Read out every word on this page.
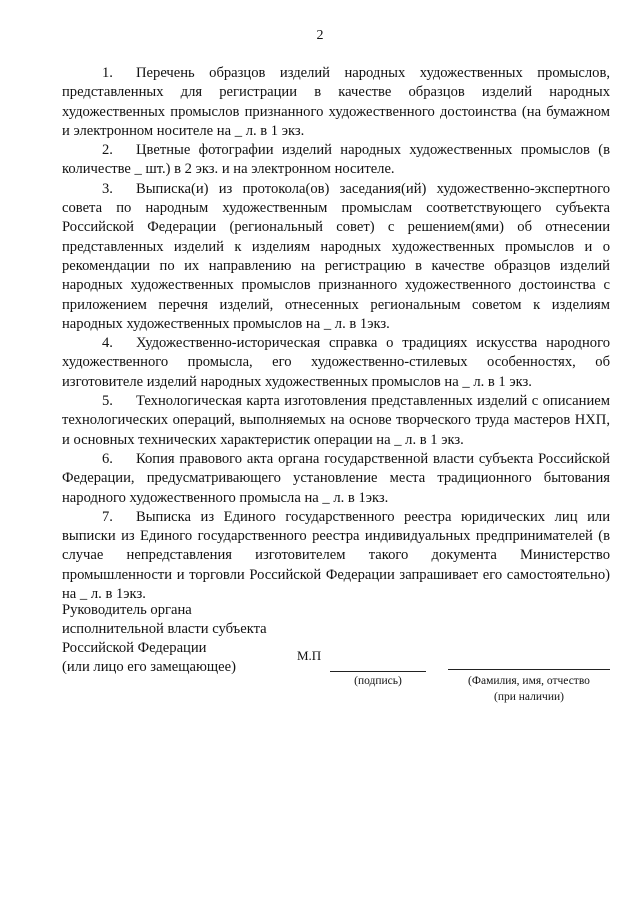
2

1. Перечень образцов изделий народных художественных промыслов, представленных для регистрации в качестве образцов изделий народных художественных промыслов признанного художественного достоинства (на бумажном и электронном носителе на _ л. в 1 экз.

2. Цветные фотографии изделий народных художественных промыслов (в количестве _ шт.) в 2 экз. и на электронном носителе.

3. Выписка(и) из протокола(ов) заседания(ий) художественно-экспертного совета по народным художественным промыслам соответствующего субъекта Российской Федерации (региональный совет) с решением(ями) об отнесении представленных изделий к изделиям народных художественных промыслов и о рекомендации по их направлению на регистрацию в качестве образцов изделий народных художественных промыслов признанного художественного достоинства с приложением перечня изделий, отнесенных региональным советом к изделиям народных художественных промыслов на _ л. в 1экз.

4. Художественно-историческая справка о традициях искусства народного художественного промысла, его художественно-стилевых особенностях, об изготовителе изделий народных художественных промыслов на _ л. в 1 экз.

5. Технологическая карта изготовления представленных изделий с описанием технологических операций, выполняемых на основе творческого труда мастеров НХП, и основных технических характеристик операции на _ л. в 1 экз.

6. Копия правового акта органа государственной власти субъекта Российской Федерации, предусматривающего установление места традиционного бытования народного художественного промысла на _ л. в 1экз.

7. Выписка из Единого государственного реестра юридических лиц или выписки из Единого государственного реестра индивидуальных предпринимателей (в случае непредставления изготовителем такого документа Министерство промышленности и торговли Российской Федерации запрашивает его самостоятельно) на _ л. в 1экз.

Руководитель органа
исполнительной власти субъекта
Российской Федерации
(или лицо его замещающее)
М.П
(подпись)	(Фамилия, имя, отчество
(при наличии)
